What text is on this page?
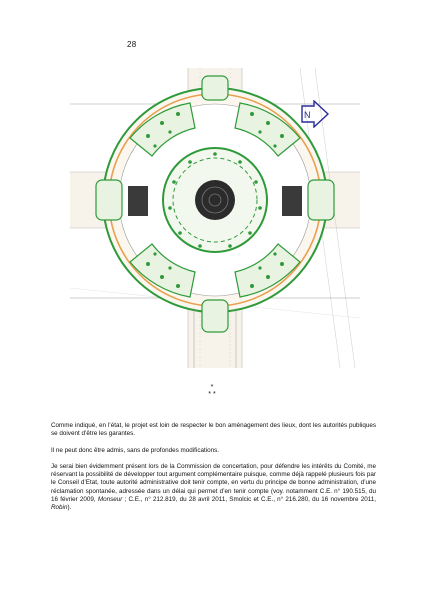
28
N
*
* *

Comme indiqué, en l’état, le projet est loin de respecter le bon aménagement des lieux, dont les autorités publiques se doivent d’être les garantes.

Il ne peut donc être admis, sans de profondes modifications.

Je serai bien évidemment présent lors de la Commission de concertation, pour défendre les intérêts du Comité, me réservant la possibilité de développer tout argument complémentaire puisque, comme déjà rappelé plusieurs fois par le Conseil d’Etat, toute autorité administrative doit tenir compte, en vertu du principe de bonne administration, d’une réclamation spontanée, adressée dans un délai qui permet d’en tenir compte (voy. notamment C.E. n° 190.515, du 16 février 2009, Monseur ; C.E., n° 212.819, du 28 avril 2011, Smolcic et C.E., n° 216.280, du 16 novembre 2011, Robin).
